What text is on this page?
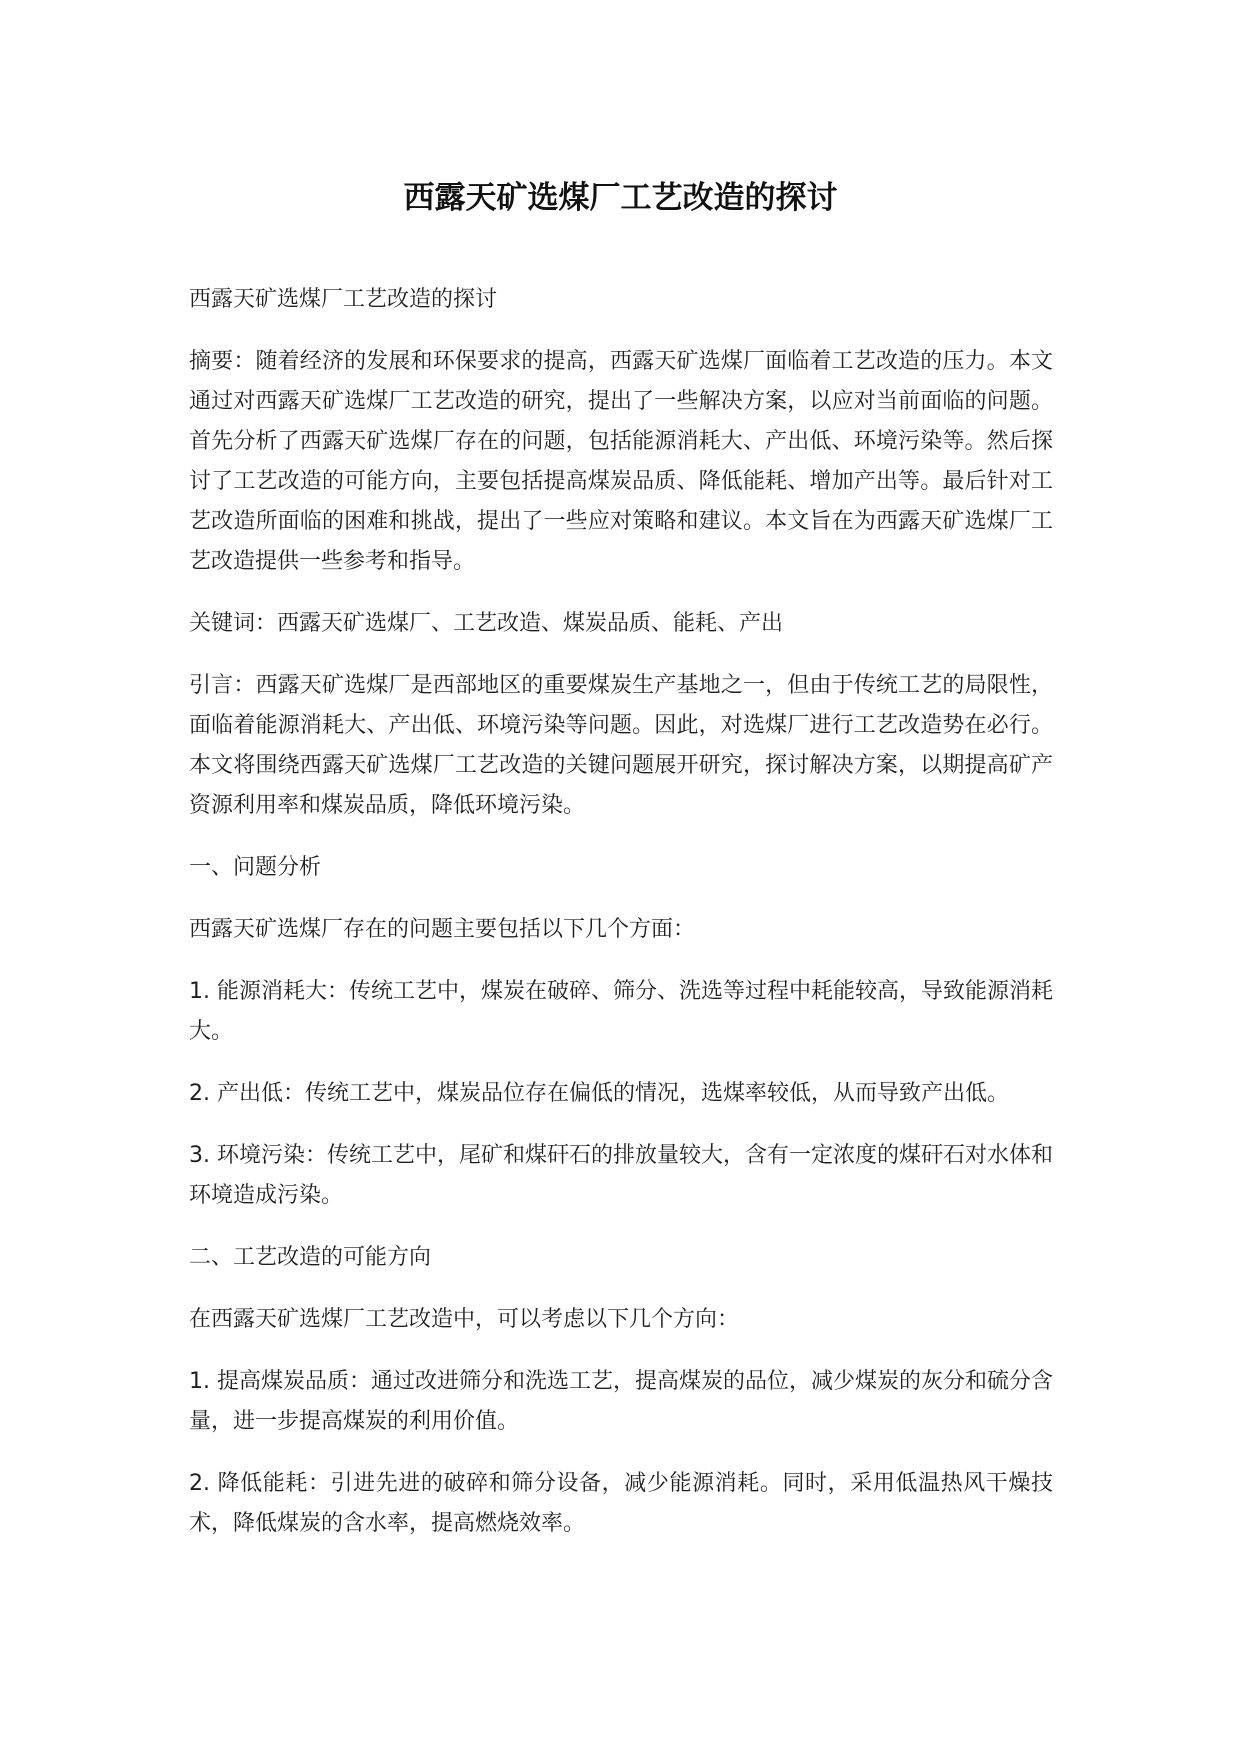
西露天矿选煤厂工艺改造的探讨

西露天矿选煤厂工艺改造的探讨

摘要：随着经济的发展和环保要求的提高，西露天矿选煤厂面临着工艺改造的压力。本文通过对西露天矿选煤厂工艺改造的研究，提出了一些解决方案，以应对当前面临的问题。首先分析了西露天矿选煤厂存在的问题，包括能源消耗大、产出低、环境污染等。然后探讨了工艺改造的可能方向，主要包括提高煤炭品质、降低能耗、增加产出等。最后针对工艺改造所面临的困难和挑战，提出了一些应对策略和建议。本文旨在为西露天矿选煤厂工艺改造提供一些参考和指导。

关键词：西露天矿选煤厂、工艺改造、煤炭品质、能耗、产出

引言：西露天矿选煤厂是西部地区的重要煤炭生产基地之一，但由于传统工艺的局限性，面临着能源消耗大、产出低、环境污染等问题。因此，对选煤厂进行工艺改造势在必行。本文将围绕西露天矿选煤厂工艺改造的关键问题展开研究，探讨解决方案，以期提高矿产资源利用率和煤炭品质，降低环境污染。

一、问题分析

西露天矿选煤厂存在的问题主要包括以下几个方面：

1. 能源消耗大：传统工艺中，煤炭在破碎、筛分、洗选等过程中耗能较高，导致能源消耗大。

2. 产出低：传统工艺中，煤炭品位存在偏低的情况，选煤率较低，从而导致产出低。

3. 环境污染：传统工艺中，尾矿和煤矸石的排放量较大，含有一定浓度的煤矸石对水体和环境造成污染。

二、工艺改造的可能方向

在西露天矿选煤厂工艺改造中，可以考虑以下几个方向：

1. 提高煤炭品质：通过改进筛分和洗选工艺，提高煤炭的品位，减少煤炭的灰分和硫分含量，进一步提高煤炭的利用价值。

2. 降低能耗：引进先进的破碎和筛分设备，减少能源消耗。同时，采用低温热风干燥技术，降低煤炭的含水率，提高燃烧效率。
